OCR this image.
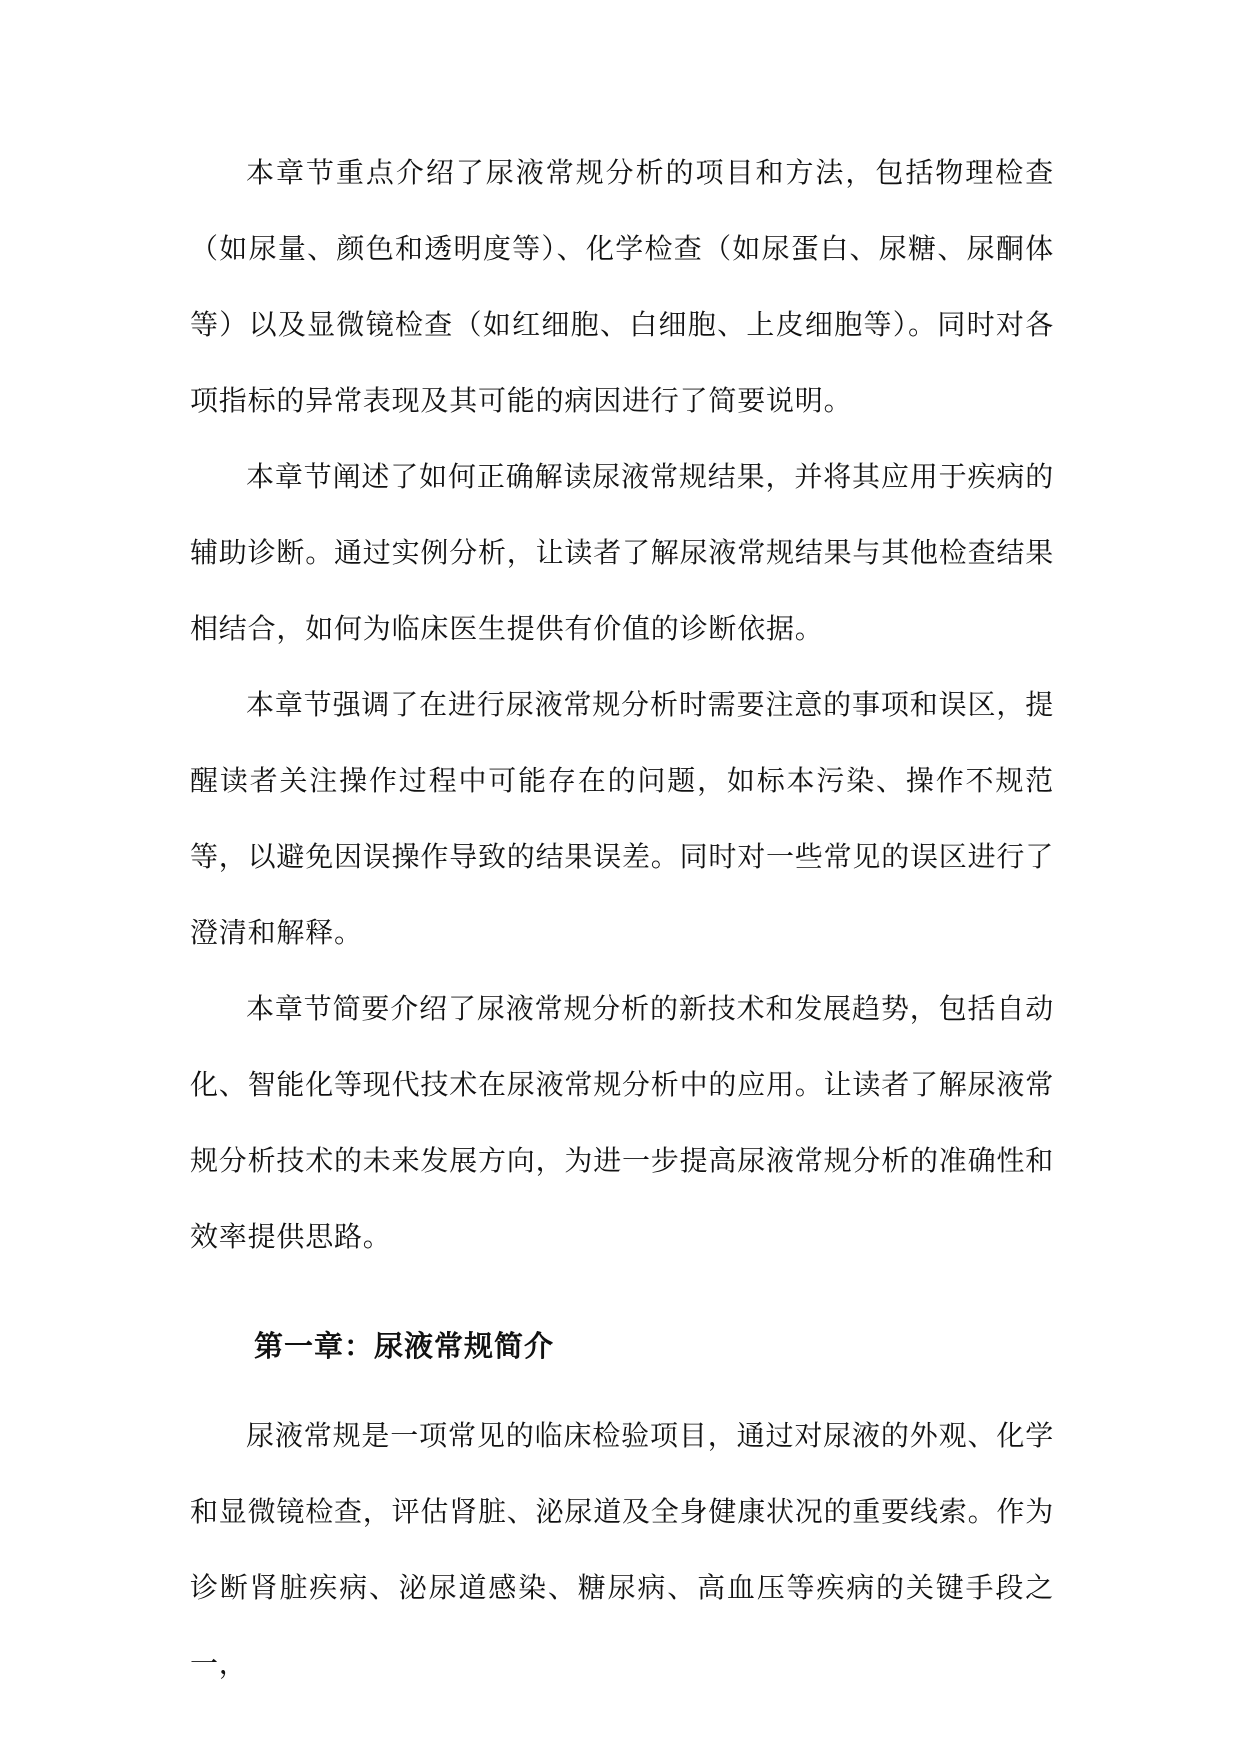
本章节重点介绍了尿液常规分析的项目和方法，包括物理检查（如尿量、颜色和透明度等）、化学检查（如尿蛋白、尿糖、尿酮体等）以及显微镜检查（如红细胞、白细胞、上皮细胞等）。同时对各项指标的异常表现及其可能的病因进行了简要说明。

本章节阐述了如何正确解读尿液常规结果，并将其应用于疾病的辅助诊断。通过实例分析，让读者了解尿液常规结果与其他检查结果相结合，如何为临床医生提供有价值的诊断依据。

本章节强调了在进行尿液常规分析时需要注意的事项和误区，提醒读者关注操作过程中可能存在的问题，如标本污染、操作不规范等，以避免因误操作导致的结果误差。同时对一些常见的误区进行了澄清和解释。

本章节简要介绍了尿液常规分析的新技术和发展趋势，包括自动化、智能化等现代技术在尿液常规分析中的应用。让读者了解尿液常规分析技术的未来发展方向，为进一步提高尿液常规分析的准确性和效率提供思路。

第一章：尿液常规简介

尿液常规是一项常见的临床检验项目，通过对尿液的外观、化学和显微镜检查，评估肾脏、泌尿道及全身健康状况的重要线索。作为诊断肾脏疾病、泌尿道感染、糖尿病、高血压等疾病的关键手段之一，
